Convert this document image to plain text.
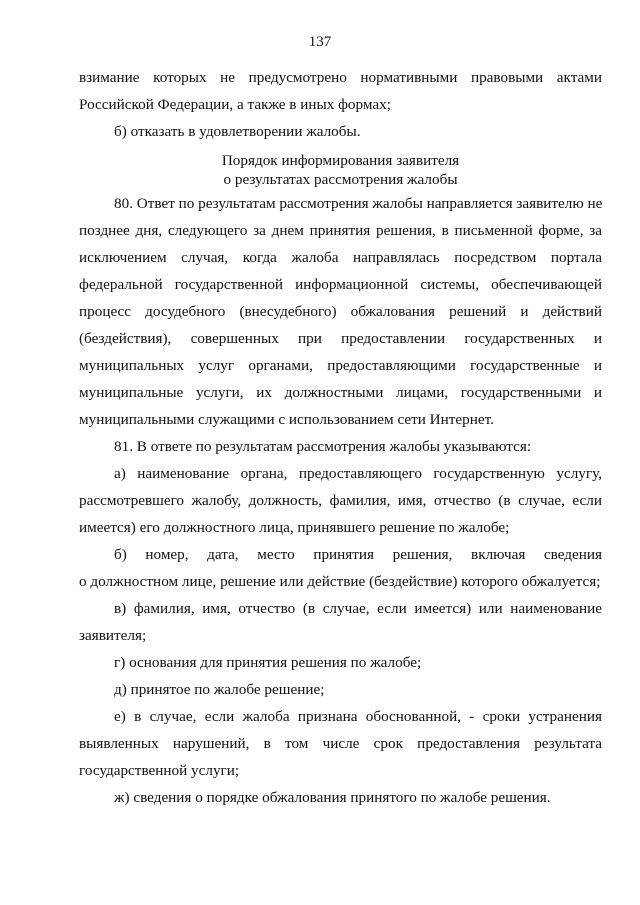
137
взимание которых не предусмотрено нормативными правовыми актами
Российской Федерации, а также в иных формах;
б) отказать в удовлетворении жалобы.
Порядок информирования заявителя
о результатах рассмотрения жалобы
80. Ответ по результатам рассмотрения жалобы направляется заявителю не
позднее дня, следующего за днем принятия решения, в письменной форме, за
исключением случая, когда жалоба направлялась посредством портала
федеральной государственной информационной системы, обеспечивающей
процесс досудебного (внесудебного) обжалования решений и действий
(бездействия), совершенных при предоставлении государственных и
муниципальных услуг органами, предоставляющими государственные и
муниципальные услуги, их должностными лицами, государственными и
муниципальными служащими с использованием сети Интернет.
81. В ответе по результатам рассмотрения жалобы указываются:
а) наименование органа, предоставляющего государственную услугу,
рассмотревшего жалобу, должность, фамилия, имя, отчество (в случае, если
имеется) его должностного лица, принявшего решение по жалобе;
б) номер, дата, место принятия решения, включая сведения
о должностном лице, решение или действие (бездействие) которого обжалуется;
в) фамилия, имя, отчество (в случае, если имеется) или наименование
заявителя;
г) основания для принятия решения по жалобе;
д) принятое по жалобе решение;
е) в случае, если жалоба признана обоснованной, - сроки устранения
выявленных нарушений, в том числе срок предоставления результата
государственной услуги;
ж) сведения о порядке обжалования принятого по жалобе решения.
